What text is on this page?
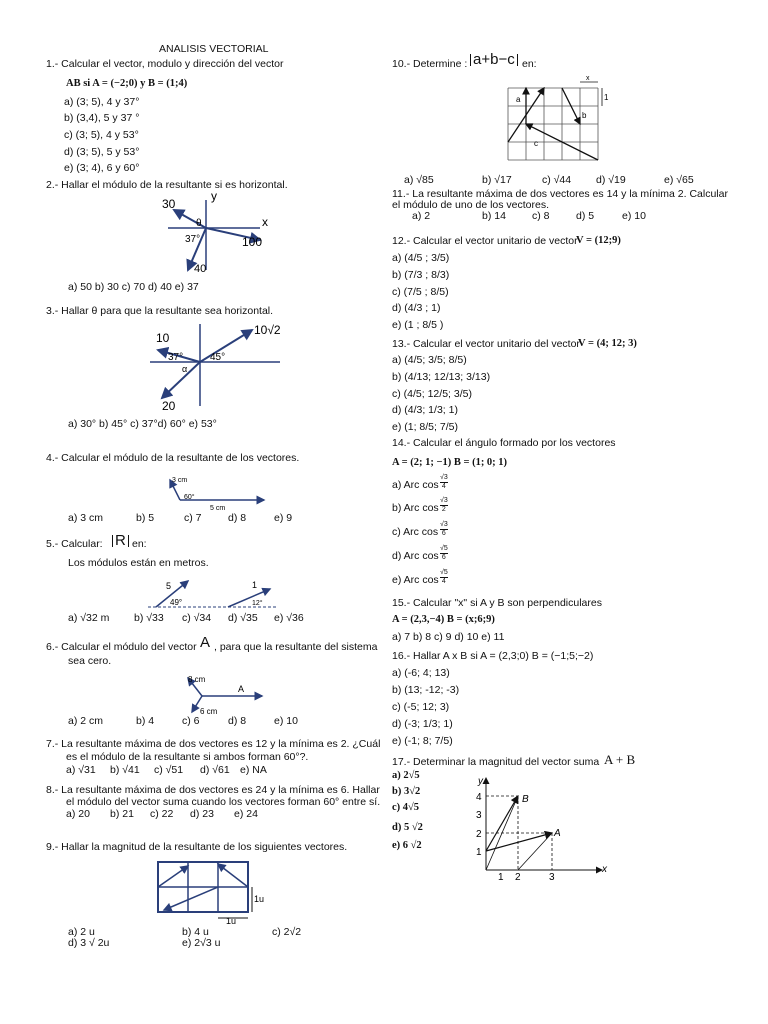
ANALISIS VECTORIAL
1.- Calcular el vector, modulo y dirección del vector
AB si A = (−2;0) y B = (1;4)
a) (3; 5), 4 y 37°
b) (3,4), 5 y 37 °
c) (3; 5), 4 y 53°
d) (3; 5), 5 y 53°
e) (3; 4), 6 y 60°
2.- Hallar el módulo de la resultante si es horizontal.
30
y
θ	x
37°	100
40
a) 50 b) 30 c) 70 d) 40 e) 37
3.- Hallar θ para que la resultante sea horizontal.
10
10√2
37°	45°
α
20
a) 30° b) 45° c) 37°d) 60° e) 53°
4.- Calcular el módulo de la resultante de los vectores.
3 cm
60°
5 cm
a) 3 cm	b) 5	c) 7	d) 8	e) 9
5.- Calcular: R en:
Los módulos están en metros.
5
49°
1
12°
a) √32 m b) √33 c) √34 d) √35 e) √36
6.- Calcular el módulo del vector A , para que la resultante del sistema
sea cero.
8 cm
A
6 cm
a) 2 cm	b) 4	c) 6	d) 8	e) 10
7.- La resultante máxima de dos vectores es 12 y la mínima es 2. ¿Cuál
es el módulo de la resultante si ambos forman 60°?.
a) √31 b) √41 c) √51 d) √61 e) NA
8.- La resultante máxima de dos vectores es 24 y la mínima es 6. Hallar
el módulo del vector suma cuando los vectores forman 60° entre sí.
a) 20 b) 21 c) 22 d) 23 e) 24
9.- Hallar la magnitud de la resultante de los siguientes vectores.
1u
1u
a) 2 u	b) 4 u	c) 2√2
d) 3 √ 2u	e) 2√3 u
10.- Determine : a+b−c en:
x
1
a
b
c
a) √85	b) √17	c) √44 d) √19	e) √65
11.- La resultante máxima de dos vectores es 14 y la mínima 2. Calcular
el módulo de uno de los vectores.
a) 2	b) 14 c) 8	d) 5	e) 10
12.- Calcular el vector unitario de vector
V = (12;9)
a) (4/5 ; 3/5)
b) (7/3 ; 8/3)
c) (7/5 ; 8/5)
d) (4/3 ; 1)
e) (1 ; 8/5 )
13.- Calcular el vector unitario del vector
V = (4; 12; 3)
a) (4/5; 3/5; 8/5)
b) (4/13; 12/13; 3/13)
c) (4/5; 12/5; 3/5)
d) (4/3; 1/3; 1)
e) (1; 8/5; 7/5)
14.- Calcular el ángulo formado por los vectores
A = (2; 1; −1) B = (1; 0; 1)
a) Arc cos
√3
4
b) Arc cos
√3
2
c) Arc cos
√3
6
d) Arc cos
√5
6
e) Arc cos
√5
4
15.- Calcular "x" si A y B son perpendiculares
A = (2,3,−4) B = (x;6;9)
a) 7 b) 8 c) 9 d) 10 e) 11
16.- Hallar A x B si A = (2,3;0) B = (−1;5;−2)
a) (-6; 4; 13)
b) (13; -12; -3)
c) (-5; 12; 3)
d) (-3; 1/3; 1)
e) (-1; 8; 7/5)
17.- Determinar la magnitud del vector suma A + B
a) 2√5
b) 3√2
c) 4√5
d) 5 √2
e) 6 √2
y
x
B
A
4
3
2
1
1 2	3
